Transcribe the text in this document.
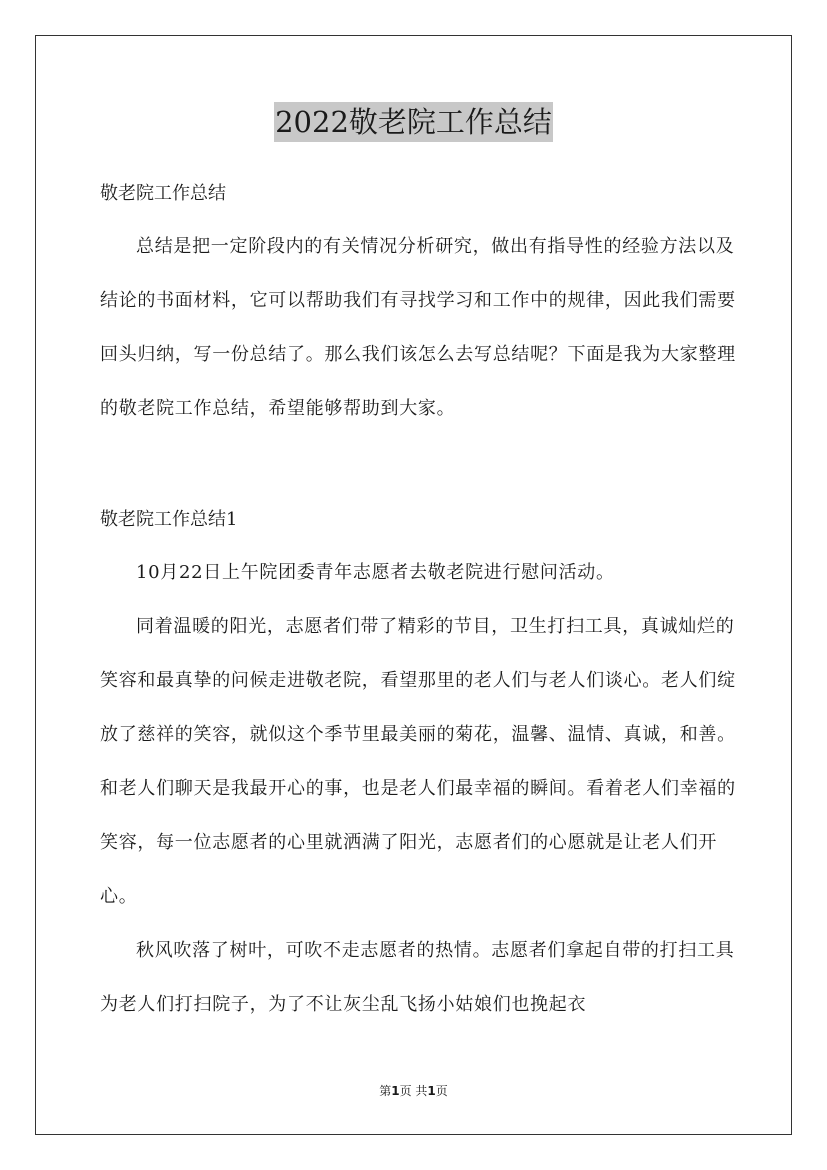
2022敬老院工作总结
敬老院工作总结

总结是把一定阶段内的有关情况分析研究，做出有指导性的经验方法以及结论的书面材料，它可以帮助我们有寻找学习和工作中的规律，因此我们需要回头归纳，写一份总结了。那么我们该怎么去写总结呢？下面是我为大家整理的敬老院工作总结，希望能够帮助到大家。

敬老院工作总结1

10月22日上午院团委青年志愿者去敬老院进行慰问活动。

同着温暖的阳光，志愿者们带了精彩的节目，卫生打扫工具，真诚灿烂的笑容和最真挚的问候走进敬老院，看望那里的老人们与老人们谈心。老人们绽放了慈祥的笑容，就似这个季节里最美丽的菊花，温馨、温情、真诚，和善。和老人们聊天是我最开心的事，也是老人们最幸福的瞬间。看着老人们幸福的笑容，每一位志愿者的心里就洒满了阳光，志愿者们的心愿就是让老人们开心。

秋风吹落了树叶，可吹不走志愿者的热情。志愿者们拿起自带的打扫工具为老人们打扫院子，为了不让灰尘乱飞扬小姑娘们也挽起衣

第1页 共1页
